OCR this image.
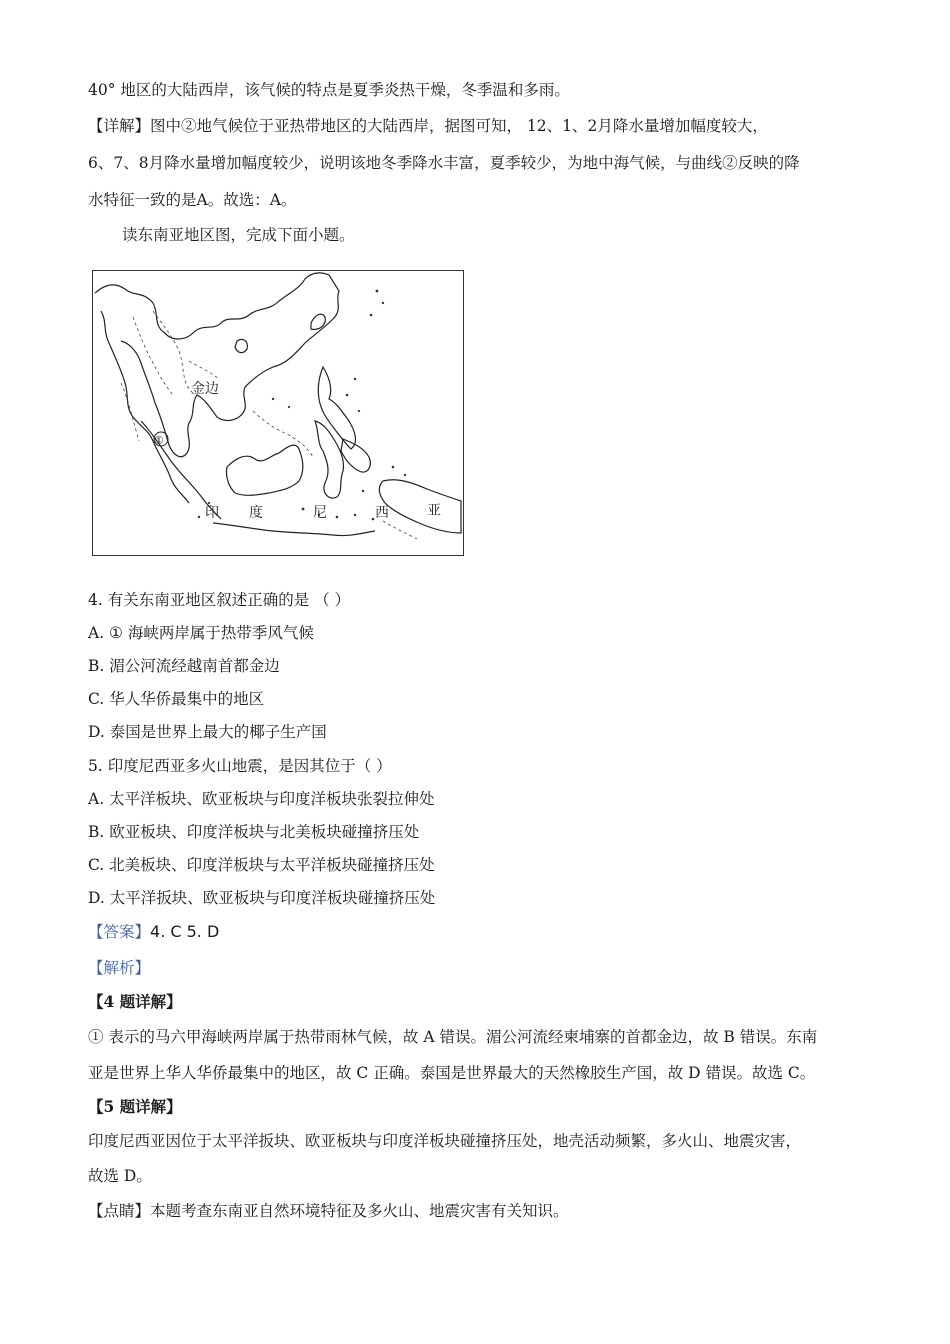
40° 地区的大陆西岸，该气候的特点是夏季炎热干燥，冬季温和多雨。
【详解】图中②地气候位于亚热带地区的大陆西岸，据图可知， 12、1、2月降水量增加幅度较大，
6、7、8月降水量增加幅度较少，说明该地冬季降水丰富，夏季较少，为地中海气候，与曲线②反映的降
水特征一致的是A。故选：A。
读东南亚地区图，完成下面小题。
①
金 边
印 度	尼	西	亚
4. 有关东南亚地区叙述正确的是 （ ）
A. ① 海峡两岸属于热带季风气候
B. 湄公河流经越南首都金边
C. 华人华侨最集中的地区
D. 泰国是世界上最大的椰子生产国
5. 印度尼西亚多火山地震，是因其位于（ ）
A. 太平洋板块、欧亚板块与印度洋板块张裂拉伸处
B. 欧亚板块、印度洋板块与北美板块碰撞挤压处
C. 北美板块、印度洋板块与太平洋板块碰撞挤压处
D. 太平洋扳块、欧亚板块与印度洋板块碰撞挤压处
【答案】4. C 5. D
【解析】
【4 题详解】
① 表示的马六甲海峡两岸属于热带雨林气候，故 A 错误。湄公河流经柬埔寨的首都金边，故 B 错误。东南
亚是世界上华人华侨最集中的地区，故 C 正确。泰国是世界最大的天然橡胶生产国，故 D 错误。故选 C。
【5 题详解】
印度尼西亚因位于太平洋扳块、欧亚板块与印度洋板块碰撞挤压处，地壳活动频繁，多火山、地震灾害，
故选 D。
【点睛】本题考查东南亚自然环境特征及多火山、地震灾害有关知识。
